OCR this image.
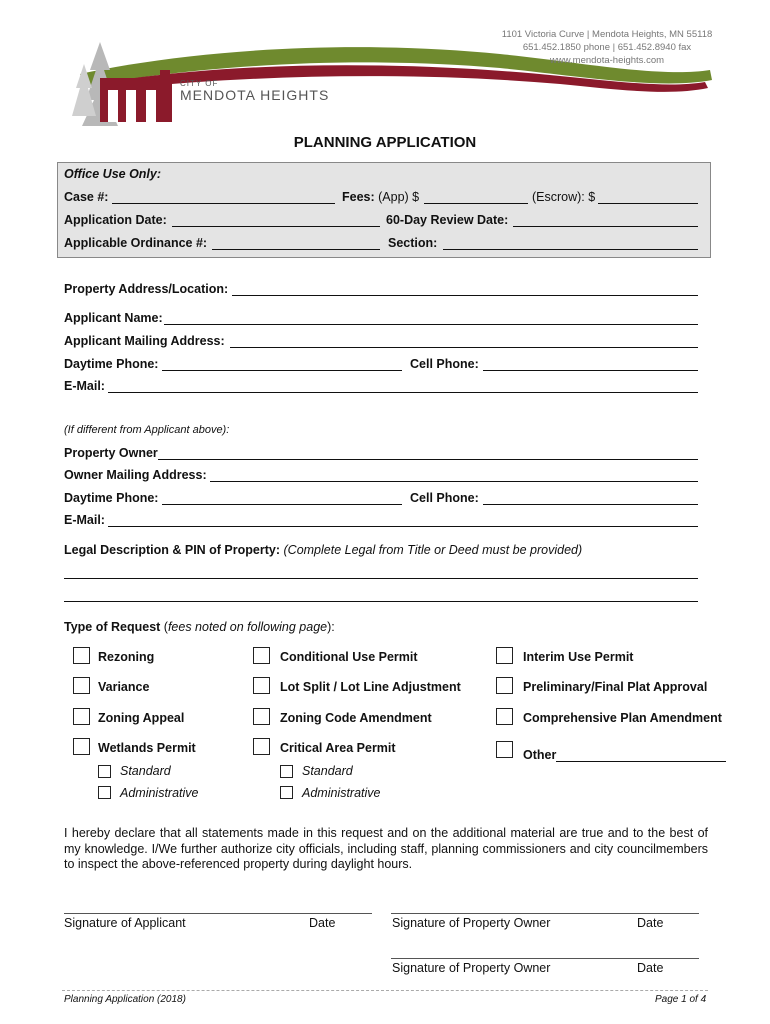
CITY OF
MENDOTA HEIGHTS
1101 Victoria Curve | Mendota Heights, MN 55118
651.452.1850 phone | 651.452.8940 fax
www.mendota-heights.com
PLANNING APPLICATION
Office Use Only:
Case #:	Fees: (App) $	(Escrow): $
Application Date:	60-Day Review Date:
Applicable Ordinance #:	Section:
Property Address/Location:
Applicant Name:
Applicant Mailing Address:
Daytime Phone:	Cell Phone:
E-Mail:
(If different from Applicant above):
Property Owner
Owner Mailing Address:
Daytime Phone:	Cell Phone:
E-Mail:
Legal Description & PIN of Property: (Complete Legal from Title or Deed must be provided)
Type of Request (fees noted on following page):
Rezoning
Variance
Zoning Appeal
Wetlands Permit
Standard
Administrative
Conditional Use Permit
Lot Split / Lot Line Adjustment
Zoning Code Amendment
Critical Area Permit
Standard
Administrative
Interim Use Permit
Preliminary/Final Plat Approval
Comprehensive Plan Amendment
Other
I hereby declare that all statements made in this request and on the additional material are true and to the best of my knowledge. I/We further authorize city officials, including staff, planning commissioners and city councilmembers to inspect the above-referenced property during daylight hours.
Signature of Applicant	Date	Signature of Property Owner	Date
Signature of Property Owner	Date
Planning Application (2018)	Page 1 of 4
